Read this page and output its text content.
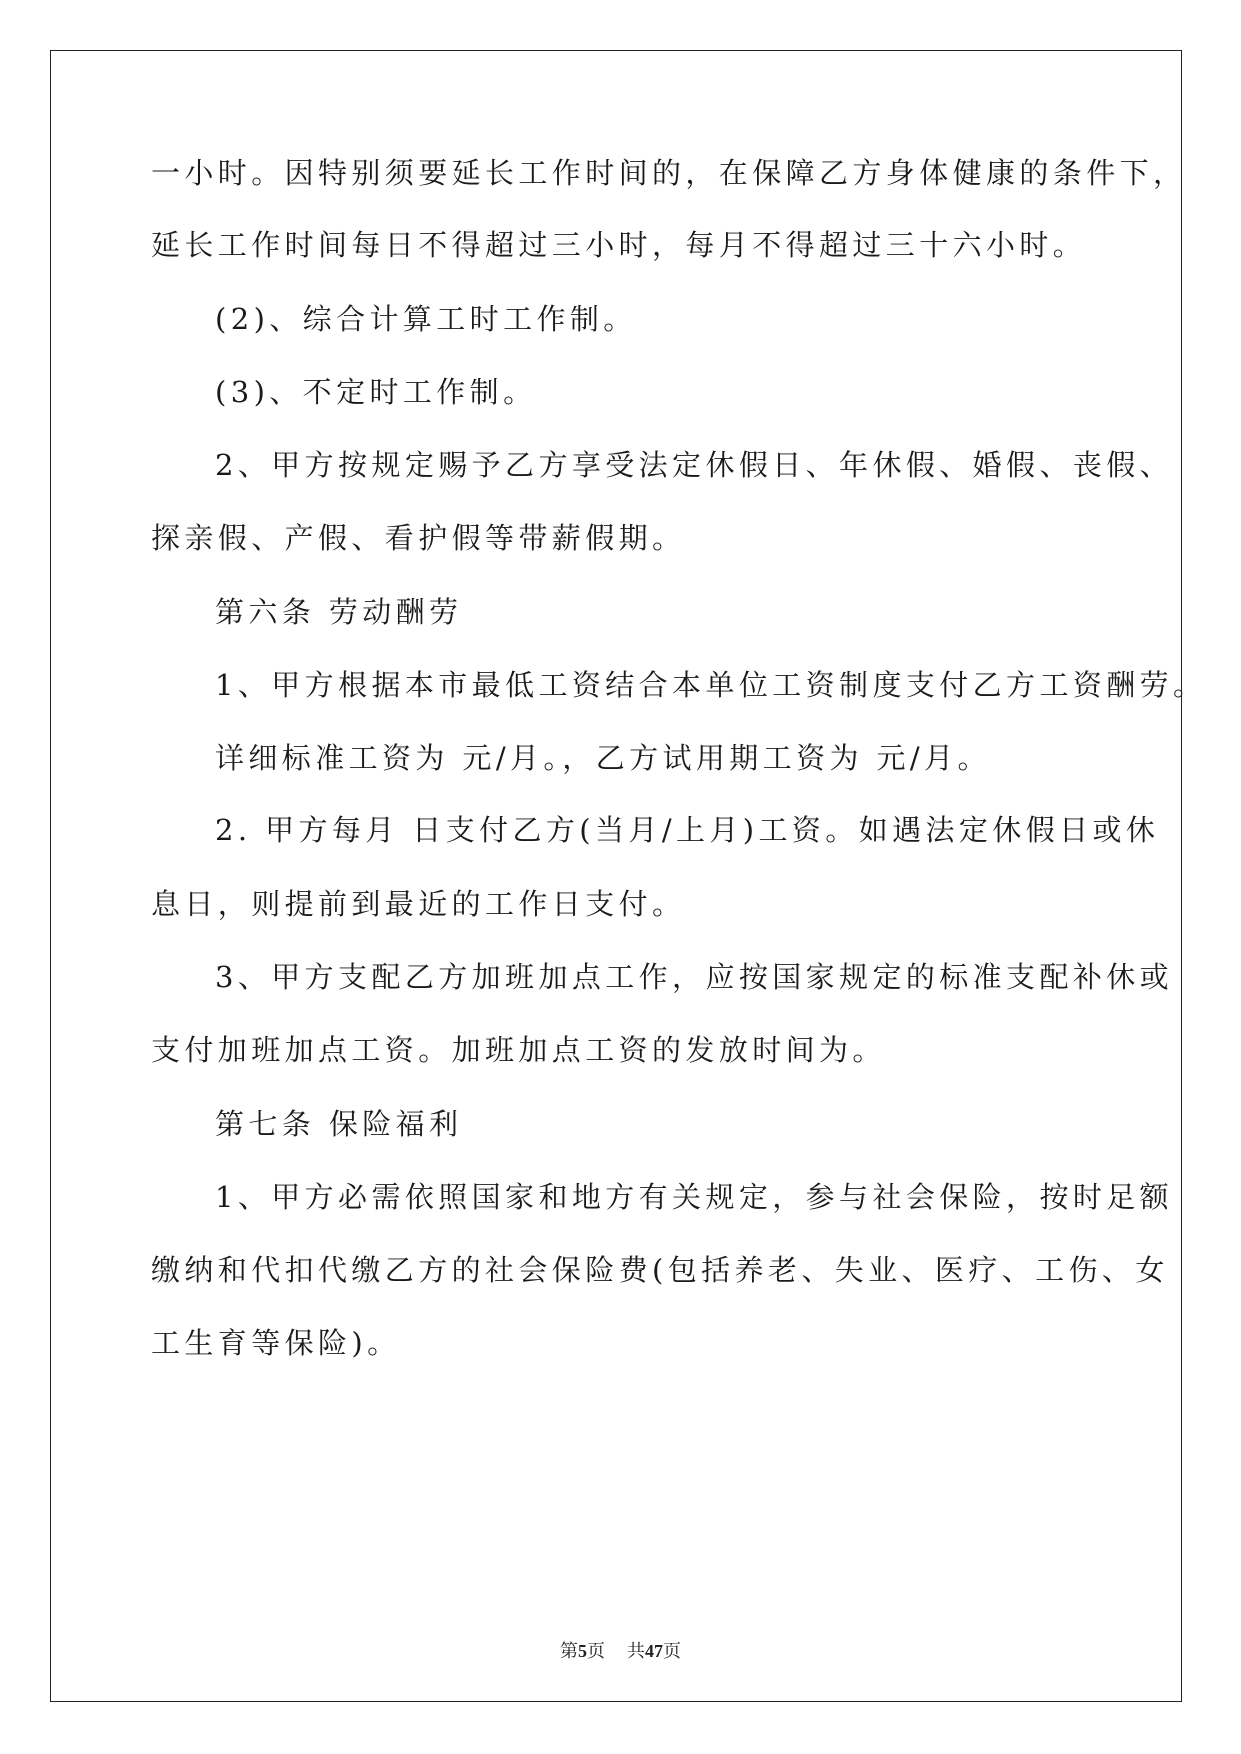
一小时。因特别须要延长工作时间的，在保障乙方身体健康的条件下，
延长工作时间每日不得超过三小时，每月不得超过三十六小时。
(2)、综合计算工时工作制。
(3)、不定时工作制。
2、甲方按规定赐予乙方享受法定休假日、年休假、婚假、丧假、
探亲假、产假、看护假等带薪假期。
第六条 劳动酬劳
1、甲方根据本市最低工资结合本单位工资制度支付乙方工资酬劳。
详细标准工资为 元/月。，乙方试用期工资为 元/月。
2. 甲方每月 日支付乙方(当月/上月)工资。如遇法定休假日或休
息日，则提前到最近的工作日支付。
3、甲方支配乙方加班加点工作，应按国家规定的标准支配补休或
支付加班加点工资。加班加点工资的发放时间为。
第七条 保险福利
1、甲方必需依照国家和地方有关规定，参与社会保险，按时足额
缴纳和代扣代缴乙方的社会保险费(包括养老、失业、医疗、工伤、女
工生育等保险)。
第5页 共47页
